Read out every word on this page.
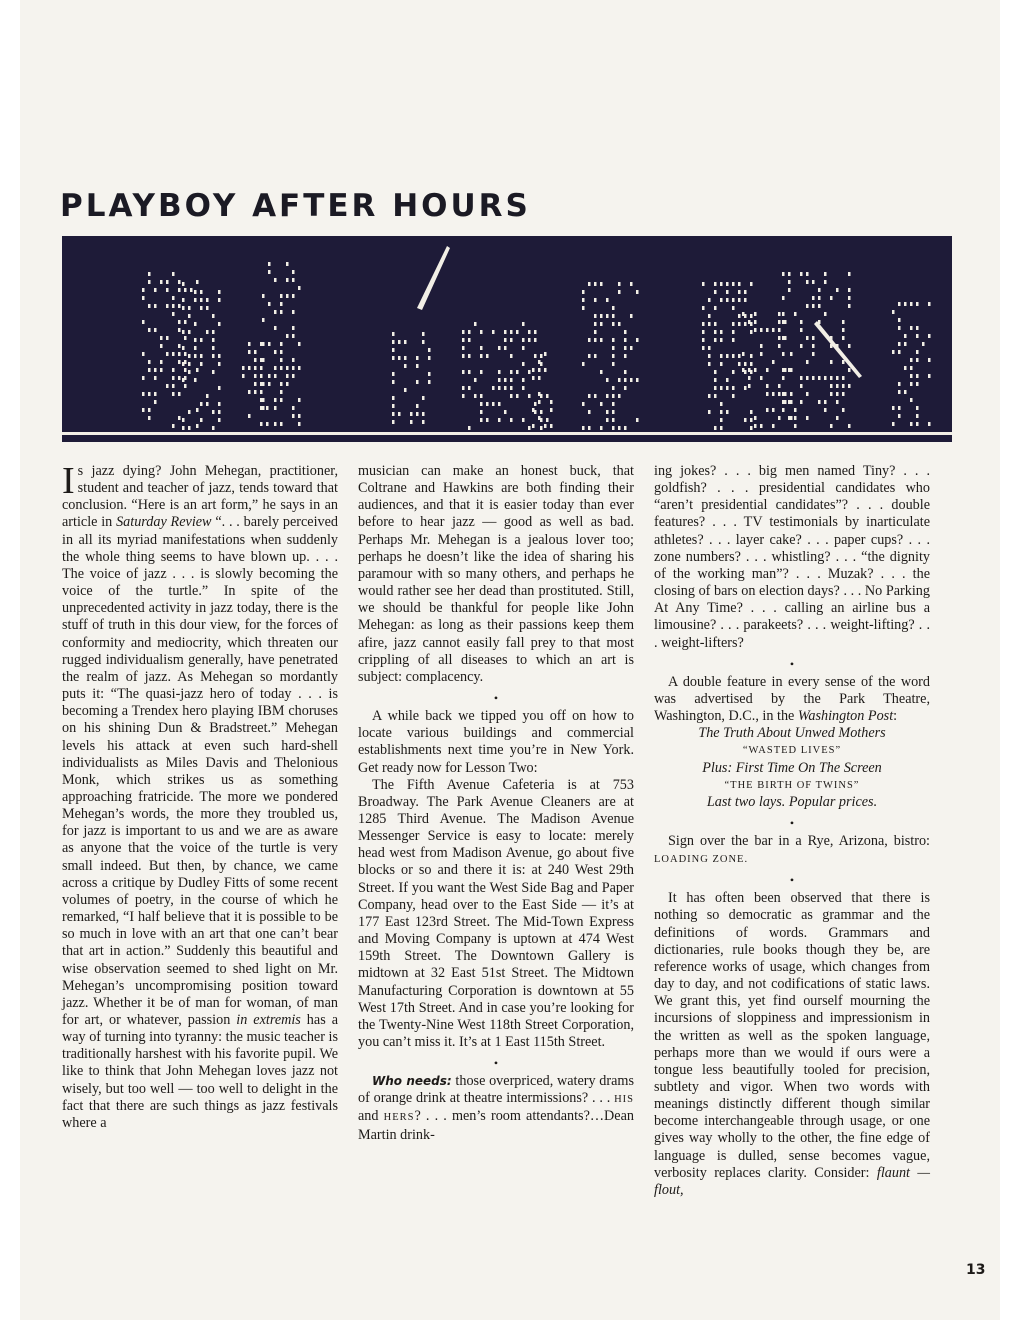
PLAYBOY AFTER HOURS

Is jazz dying? John Mehegan, practitioner, student and teacher of jazz, tends toward that conclusion. “Here is an art form,” he says in an article in Saturday Review “. . . barely perceived in all its myriad manifestations when suddenly the whole thing seems to have blown up. . . . The voice of jazz . . . is slowly becoming the voice of the turtle.” In spite of the unprecedented activity in jazz today, there is the stuff of truth in this dour view, for the forces of conformity and mediocrity, which threaten our rugged individualism generally, have penetrated the realm of jazz. As Mehegan so mordantly puts it: “The quasi-jazz hero of today . . . is becoming a Trendex hero playing IBM choruses on his shining Dun & Bradstreet.” Mehegan levels his attack at even such hard-shell individualists as Miles Davis and Thelonious Monk, which strikes us as something approaching fratricide. The more we pondered Mehegan’s words, the more they troubled us, for jazz is important to us and we are as aware as anyone that the voice of the turtle is very small indeed. But then, by chance, we came across a critique by Dudley Fitts of some recent volumes of poetry, in the course of which he remarked, “I half believe that it is possible to be so much in love with an art that one can’t bear that art in action.” Suddenly this beautiful and wise observation seemed to shed light on Mr. Mehegan’s uncompromising position toward jazz. Whether it be of man for woman, of man for art, or whatever, passion in extremis has a way of turning into tyranny: the music teacher is traditionally harshest with his favorite pupil. We like to think that John Mehegan loves jazz not wisely, but too well — too well to delight in the fact that there are such things as jazz festivals where a

musician can make an honest buck, that Coltrane and Hawkins are both finding their audiences, and that it is easier today than ever before to hear jazz — good as well as bad. Perhaps Mr. Mehegan is a jealous lover too; perhaps he doesn’t like the idea of sharing his paramour with so many others, and perhaps he would rather see her dead than prostituted. Still, we should be thankful for people like John Mehegan: as long as their passions keep them afire, jazz cannot easily fall prey to that most crippling of all diseases to which an art is subject: complacency.

•

A while back we tipped you off on how to locate various buildings and commercial establishments next time you’re in New York. Get ready now for Lesson Two:

The Fifth Avenue Cafeteria is at 753 Broadway. The Park Avenue Cleaners are at 1285 Third Avenue. The Madison Avenue Messenger Service is easy to locate: merely head west from Madison Avenue, go about five blocks or so and there it is: at 240 West 29th Street. If you want the West Side Bag and Paper Company, head over to the East Side — it’s at 177 East 123rd Street. The Mid-Town Express and Moving Company is uptown at 474 West 159th Street. The Downtown Gallery is midtown at 32 East 51st Street. The Midtown Manufacturing Corporation is downtown at 55 West 17th Street. And in case you’re looking for the Twenty-Nine West 118th Street Corporation, you can’t miss it. It’s at 1 East 115th Street.

•

Who needs: those overpriced, watery drams of orange drink at theatre intermissions? . . . HIS and HERS? . . . men’s room attendants?…Dean Martin drink-

ing jokes? . . . big men named Tiny? . . . goldfish? . . . presidential candidates who “aren’t presidential candidates”? . . . double features? . . . TV testimonials by inarticulate athletes? . . . layer cake? . . . paper cups? . . . zone numbers? . . . whistling? . . . “the dignity of the working man”? . . . Muzak? . . . the closing of bars on election days? . . . No Parking At Any Time? . . . calling an airline bus a limousine? . . . parakeets? . . . weight-lifting? . . . weight-lifters?

•

A double feature in every sense of the word was advertised by the Park Theatre, Washington, D.C., in the Washington Post:

The Truth About Unwed Mothers

“WASTED LIVES”

Plus: First Time On The Screen

“THE BIRTH OF TWINS”

Last two lays. Popular prices.

•

Sign over the bar in a Rye, Arizona, bistro: LOADING ZONE.

•

It has often been observed that there is nothing so democratic as grammar and the definitions of words. Grammars and dictionaries, rule books though they be, are reference works of usage, which changes from day to day, and not codifications of static laws. We grant this, yet find ourself mourning the incursions of sloppiness and impressionism in the written as well as the spoken language, perhaps more than we would if ours were a tongue less beautifully tooled for precision, subtlety and vigor. When two words with meanings distinctly different though similar become interchangeable through usage, or one gives way wholly to the other, the fine edge of language is dulled, sense becomes vague, verbosity replaces clarity. Consider: flaunt — flout,

13
